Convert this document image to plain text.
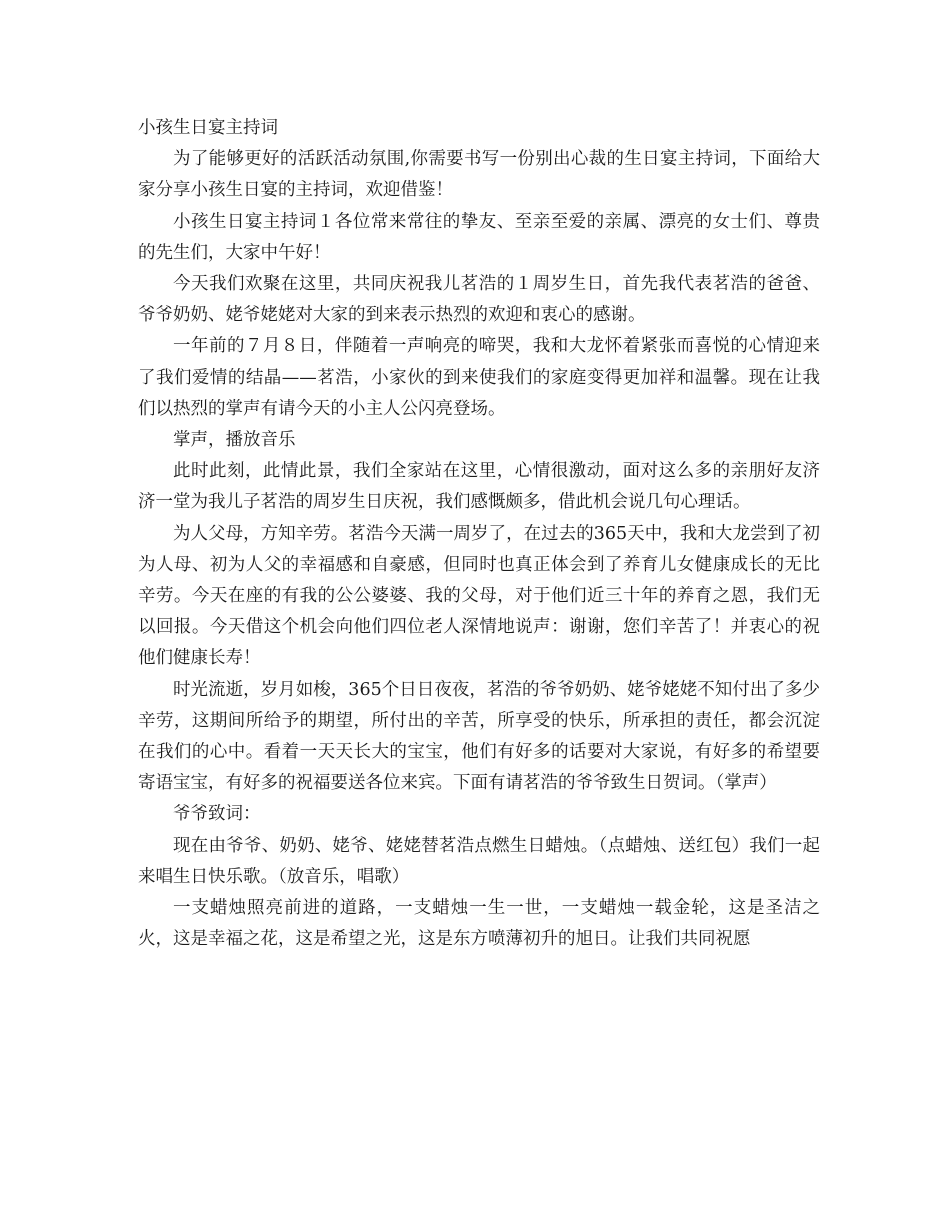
小孩生日宴主持词

为了能够更好的活跃活动氛围,你需要书写一份别出心裁的生日宴主持词，下面给大家分享小孩生日宴的主持词，欢迎借鉴！

小孩生日宴主持词１各位常来常往的挚友、至亲至爱的亲属、漂亮的女士们、尊贵的先生们，大家中午好！

今天我们欢聚在这里，共同庆祝我儿茗浩的１周岁生日，首先我代表茗浩的爸爸、爷爷奶奶、姥爷姥姥对大家的到来表示热烈的欢迎和衷心的感谢。

一年前的７月８日，伴随着一声响亮的啼哭，我和大龙怀着紧张而喜悦的心情迎来了我们爱情的结晶——茗浩，小家伙的到来使我们的家庭变得更加祥和温馨。现在让我们以热烈的掌声有请今天的小主人公闪亮登场。

掌声，播放音乐

此时此刻，此情此景，我们全家站在这里，心情很激动，面对这么多的亲朋好友济济一堂为我儿子茗浩的周岁生日庆祝，我们感慨颇多，借此机会说几句心理话。

为人父母，方知辛劳。茗浩今天满一周岁了，在过去的365天中，我和大龙尝到了初为人母、初为人父的幸福感和自豪感，但同时也真正体会到了养育儿女健康成长的无比辛劳。今天在座的有我的公公婆婆、我的父母，对于他们近三十年的养育之恩，我们无以回报。今天借这个机会向他们四位老人深情地说声：谢谢，您们辛苦了！并衷心的祝他们健康长寿！

时光流逝，岁月如梭，365个日日夜夜，茗浩的爷爷奶奶、姥爷姥姥不知付出了多少辛劳，这期间所给予的期望，所付出的辛苦，所享受的快乐，所承担的责任，都会沉淀在我们的心中。看着一天天长大的宝宝，他们有好多的话要对大家说，有好多的希望要寄语宝宝，有好多的祝福要送各位来宾。下面有请茗浩的爷爷致生日贺词。（掌声）

爷爷致词：

现在由爷爷、奶奶、姥爷、姥姥替茗浩点燃生日蜡烛。（点蜡烛、送红包）我们一起来唱生日快乐歌。（放音乐，唱歌）

一支蜡烛照亮前进的道路，一支蜡烛一生一世，一支蜡烛一载金轮，这是圣洁之火，这是幸福之花，这是希望之光，这是东方喷薄初升的旭日。让我们共同祝愿
